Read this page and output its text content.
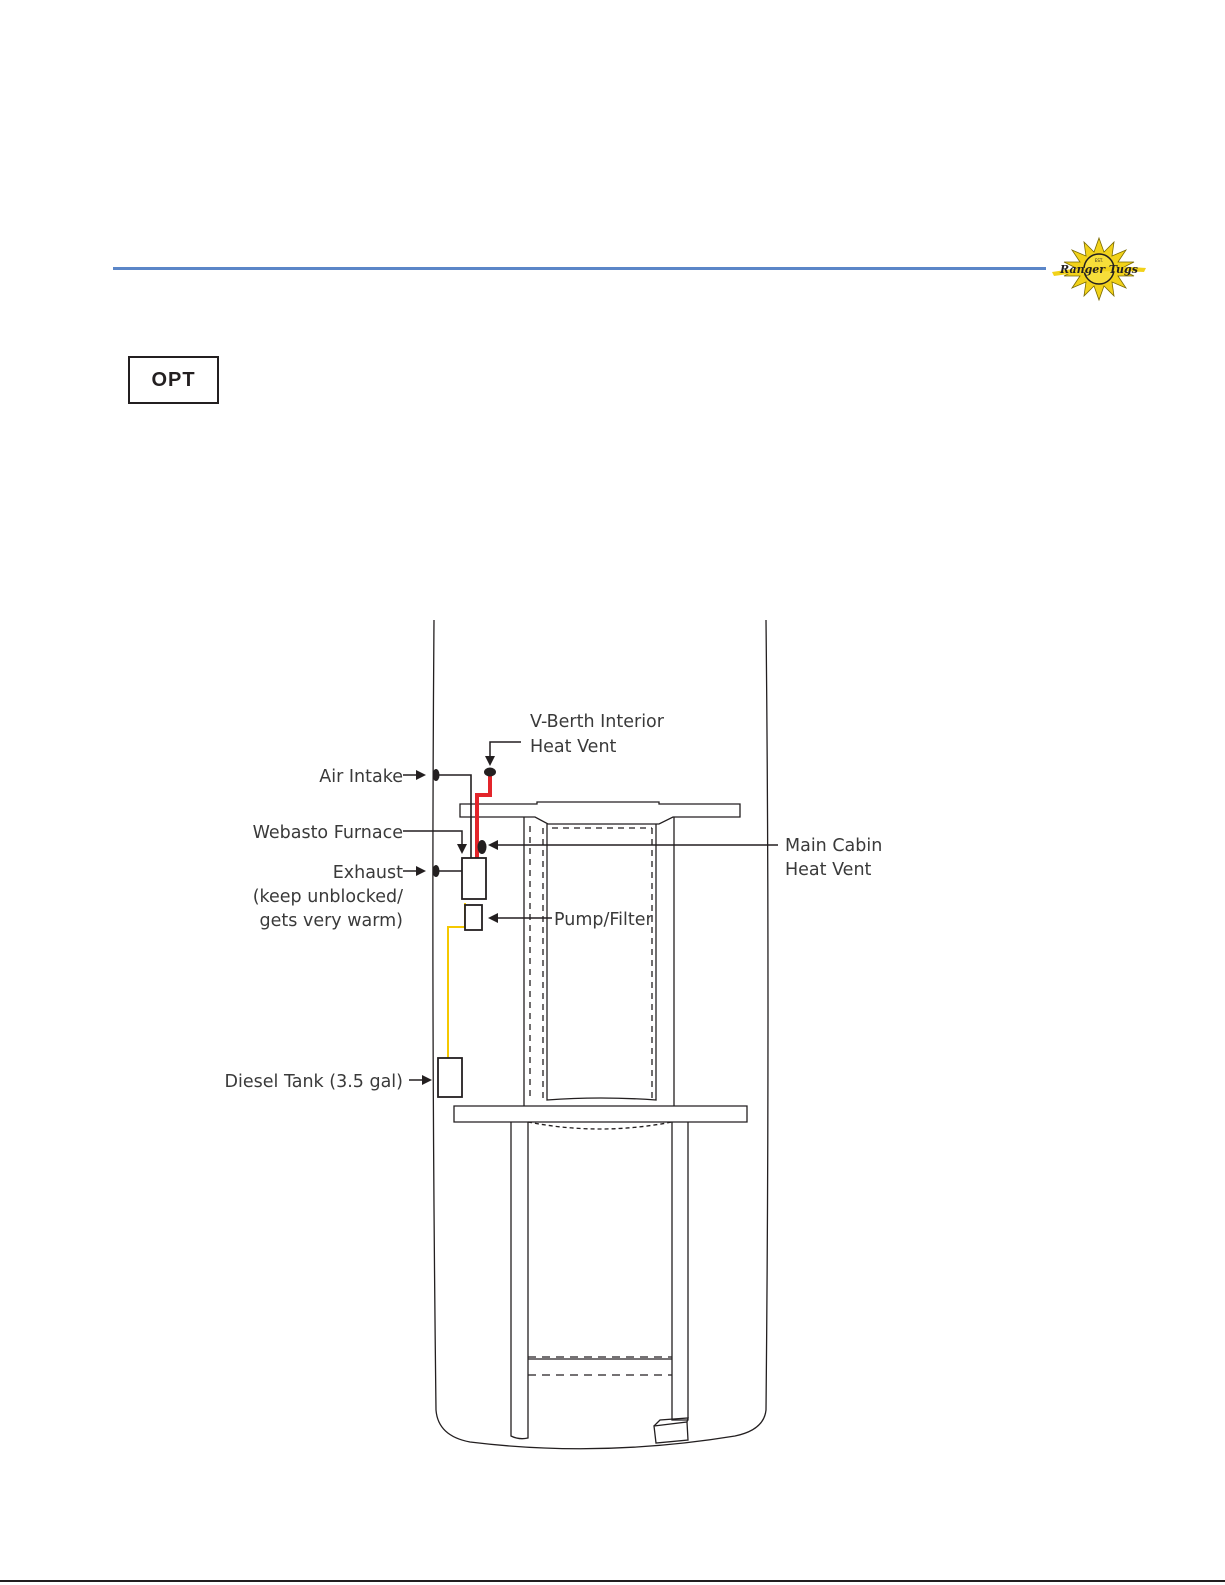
EST.
Ranger Tugs
OPT
V-Berth Interior
Heat Vent
Air Intake
Webasto Furnace
Exhaust
(keep unblocked/
gets very warm)	Pump/Filter
Main Cabin
Heat Vent
Diesel Tank (3.5 gal)
